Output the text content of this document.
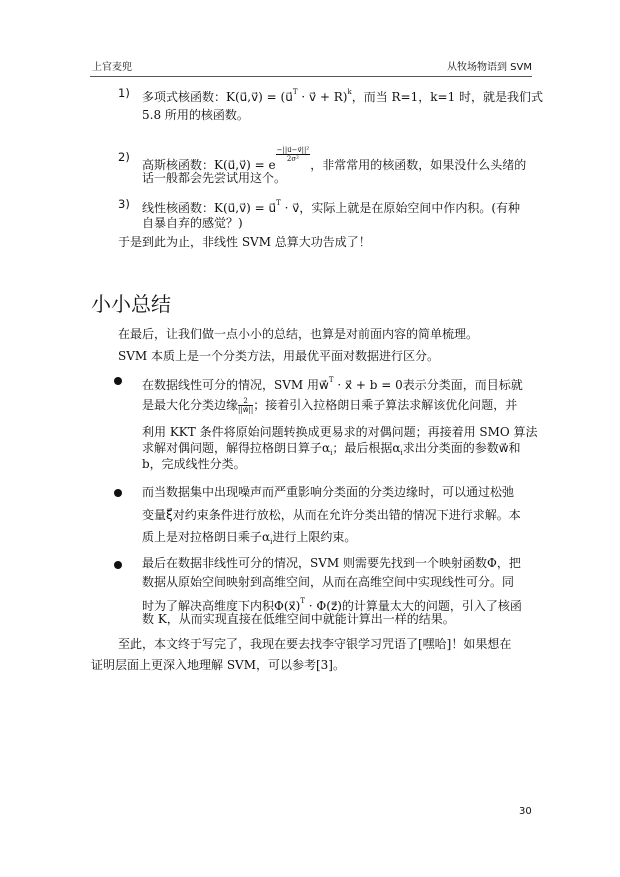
上官麦兜	从牧场物语到 SVM
1) 多项式核函数：K(u⃗,v⃗) = (u⃗$^T$ · v⃗ + R)$^k$，而当 R=1，k=1 时，就是我们式
5.8 所用的核函数。
2)
高斯核函数：K(u⃗,v⃗) = e
$\frac{\text{−||u⃗−v⃗||²}}{\text{2σ²}}$
，非常常用的核函数，如果没什么头绪的
话一般都会先尝试用这个。
3) 线性核函数：K(u⃗,v⃗) = u⃗$^T$ · v⃗，实际上就是在原始空间中作内积。(有种
自暴自弃的感觉？)
于是到此为止，非线性 SVM 总算大功告成了！
小小总结
在最后，让我们做一点小小的总结，也算是对前面内容的简单梳理。
SVM 本质上是一个分类方法，用最优平面对数据进行区分。
在数据线性可分的情况，SVM 用w⃗$^T$ · x⃗ + b = 0表示分类面，而目标就
是最大化分类边缘 $\frac{2}{||w⃗||}$ ；接着引入拉格朗日乘子算法求解该优化问题，并
利用 KKT 条件将原始问题转换成更易求的对偶问题；再接着用 SMO 算法
求解对偶问题，解得拉格朗日算子$\alpha_i$；最后根据$\alpha_i$求出分类面的参数w⃗和
b，完成线性分类。
而当数据集中出现噪声而严重影响分类面的分类边缘时，可以通过松弛
变量ξ⃗对约束条件进行放松，从而在允许分类出错的情况下进行求解。本
质上是对拉格朗日乘子$\alpha_i$进行上限约束。
最后在数据非线性可分的情况，SVM 则需要先找到一个映射函数Φ，把
数据从原始空间映射到高维空间，从而在高维空间中实现线性可分。同
时为了解决高维度下内积Φ(x⃗)$^T$ · Φ(z⃗)的计算量太大的问题，引入了核函
数 K，从而实现直接在低维空间中就能计算出一样的结果。
至此，本文终于写完了，我现在要去找李守银学习咒语了[嘿哈]！如果想在
证明层面上更深入地理解 SVM，可以参考[3]。
30
